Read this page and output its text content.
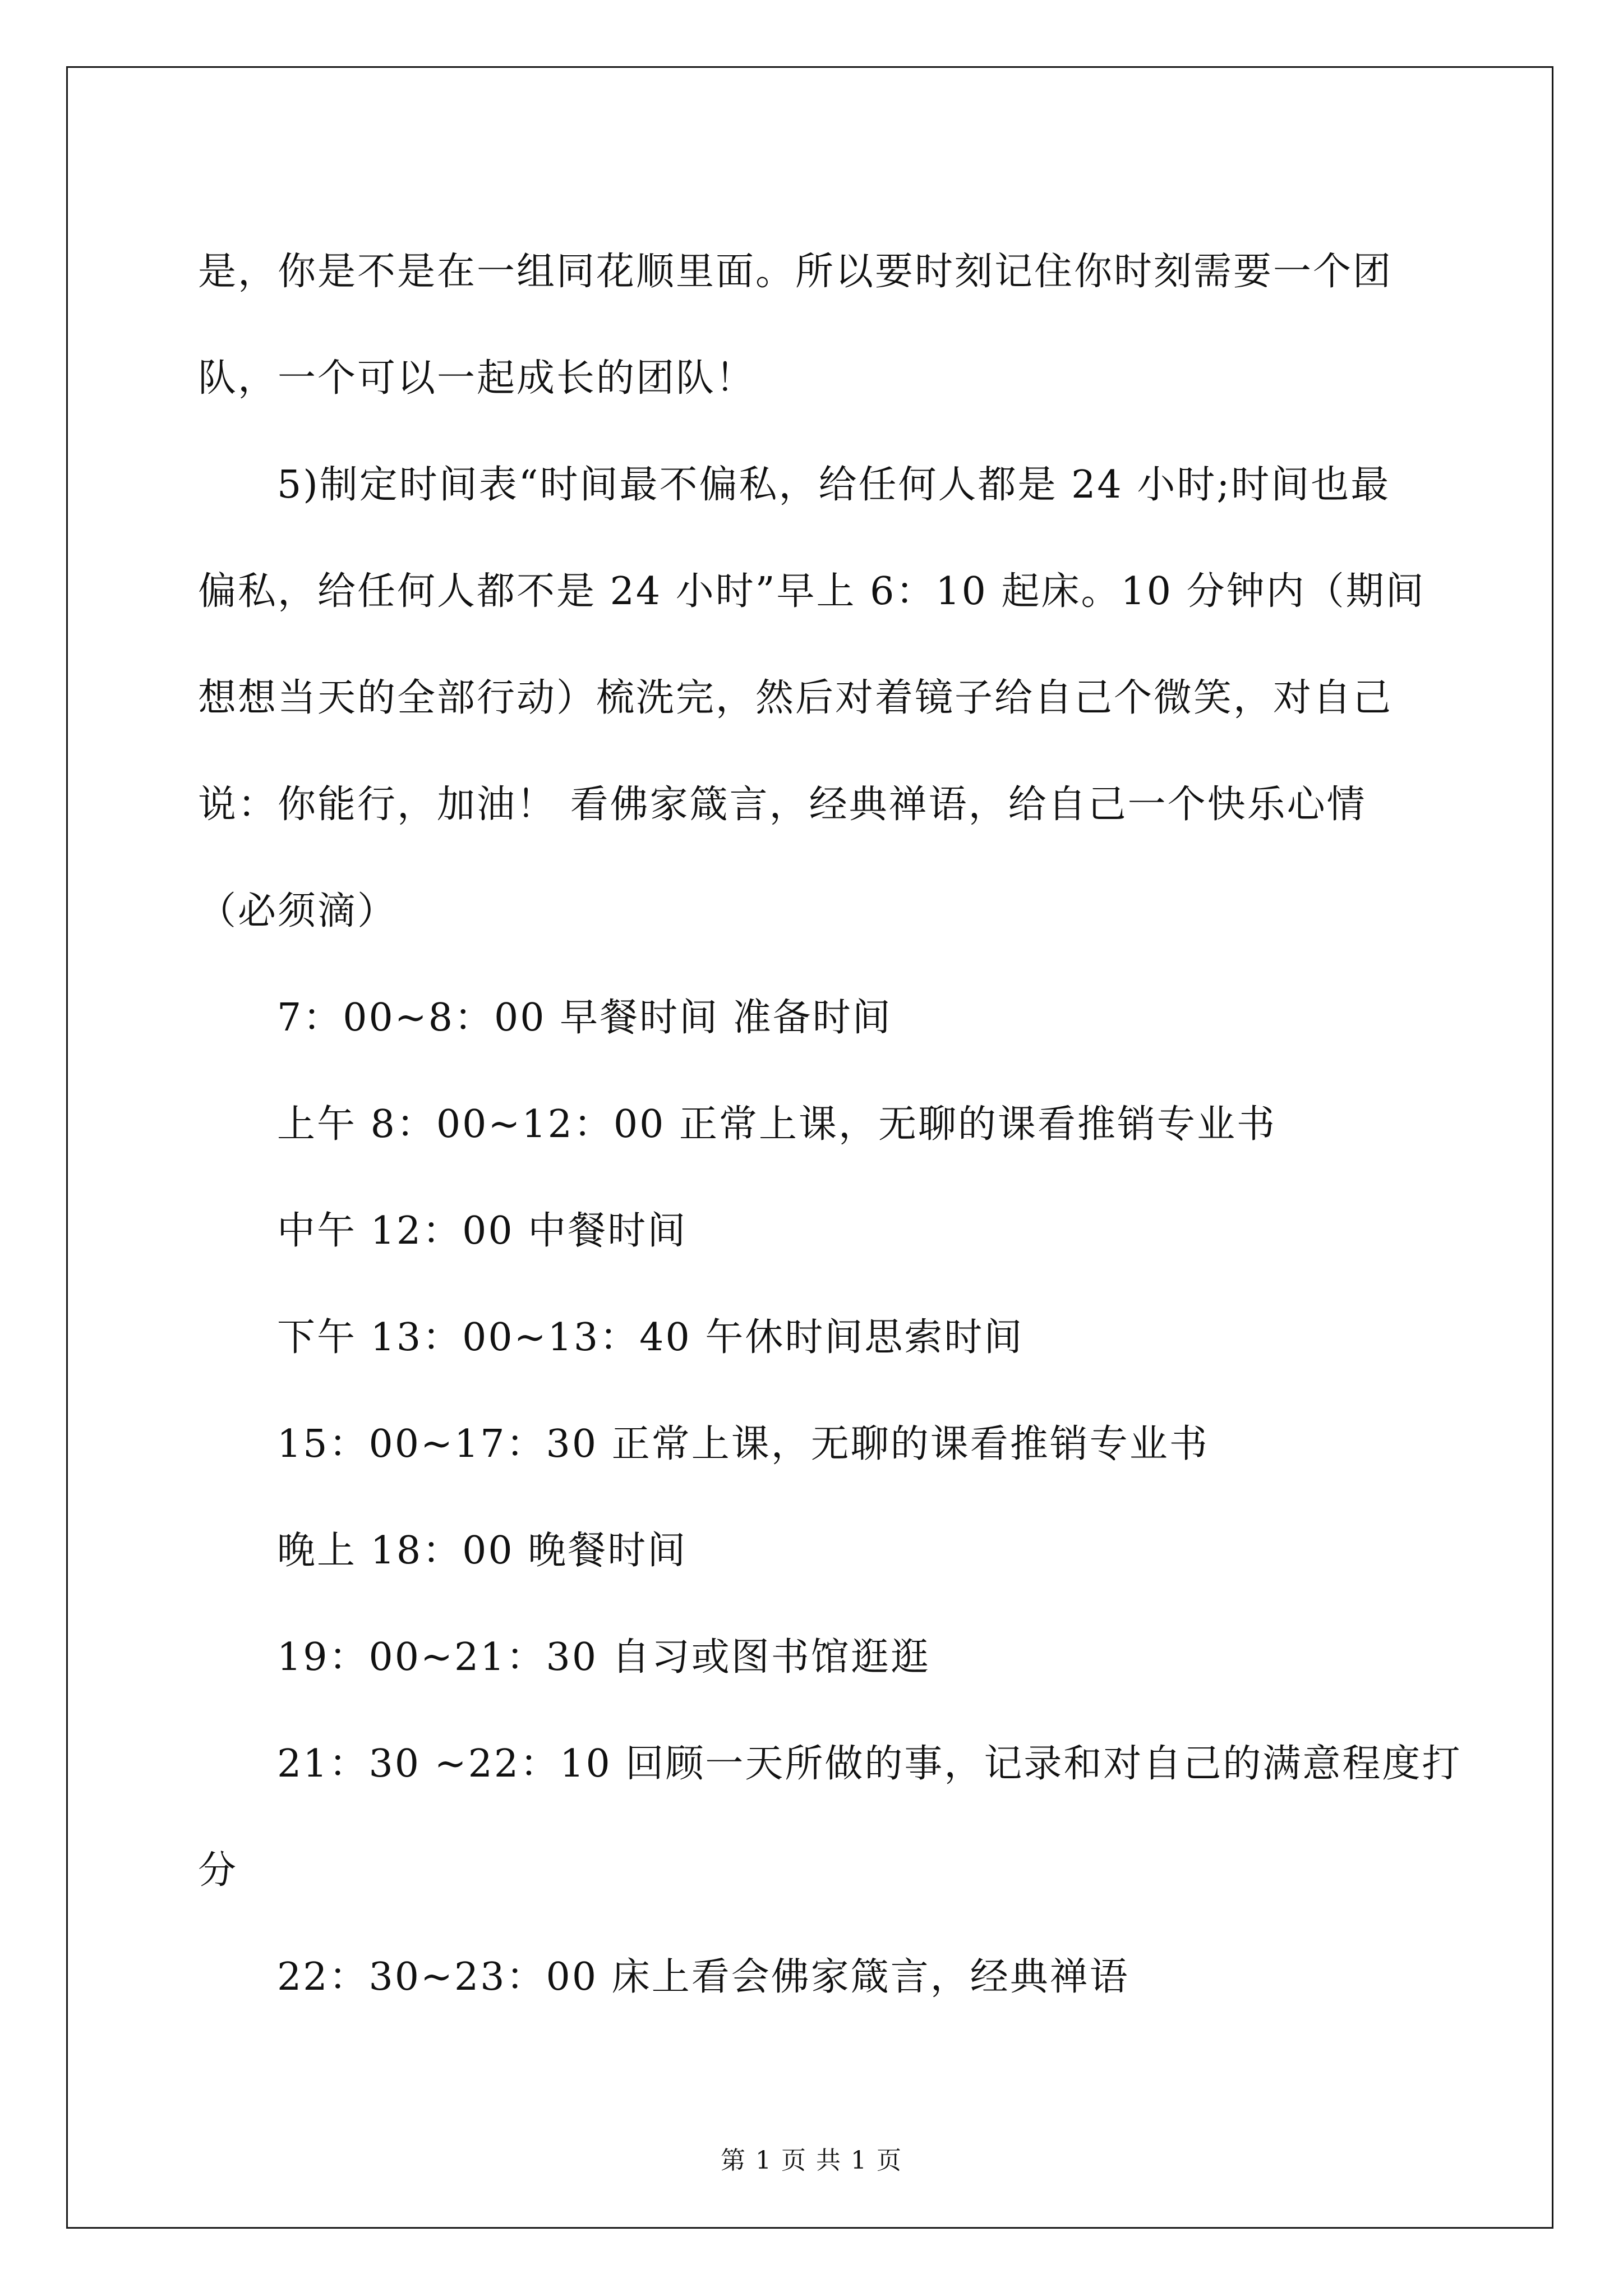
是，你是不是在一组同花顺里面。所以要时刻记住你时刻需要一个团

队，一个可以一起成长的团队！

5)制定时间表“时间最不偏私，给任何人都是 24 小时;时间也最

偏私，给任何人都不是 24 小时”早上 6：10 起床。10 分钟内（期间

想想当天的全部行动）梳洗完，然后对着镜子给自己个微笑，对自己

说：你能行，加油！ 看佛家箴言，经典禅语，给自己一个快乐心情

（必须滴）

7：00~8：00 早餐时间 准备时间

上午 8：00~12：00 正常上课，无聊的课看推销专业书

中午 12：00 中餐时间

下午 13：00~13：40 午休时间思索时间

15：00~17：30 正常上课，无聊的课看推销专业书

晚上 18：00 晚餐时间

19：00~21：30 自习或图书馆逛逛

21：30 ~22：10 回顾一天所做的事，记录和对自己的满意程度打

分

22：30~23：00 床上看会佛家箴言，经典禅语

第 1 页 共 1 页
